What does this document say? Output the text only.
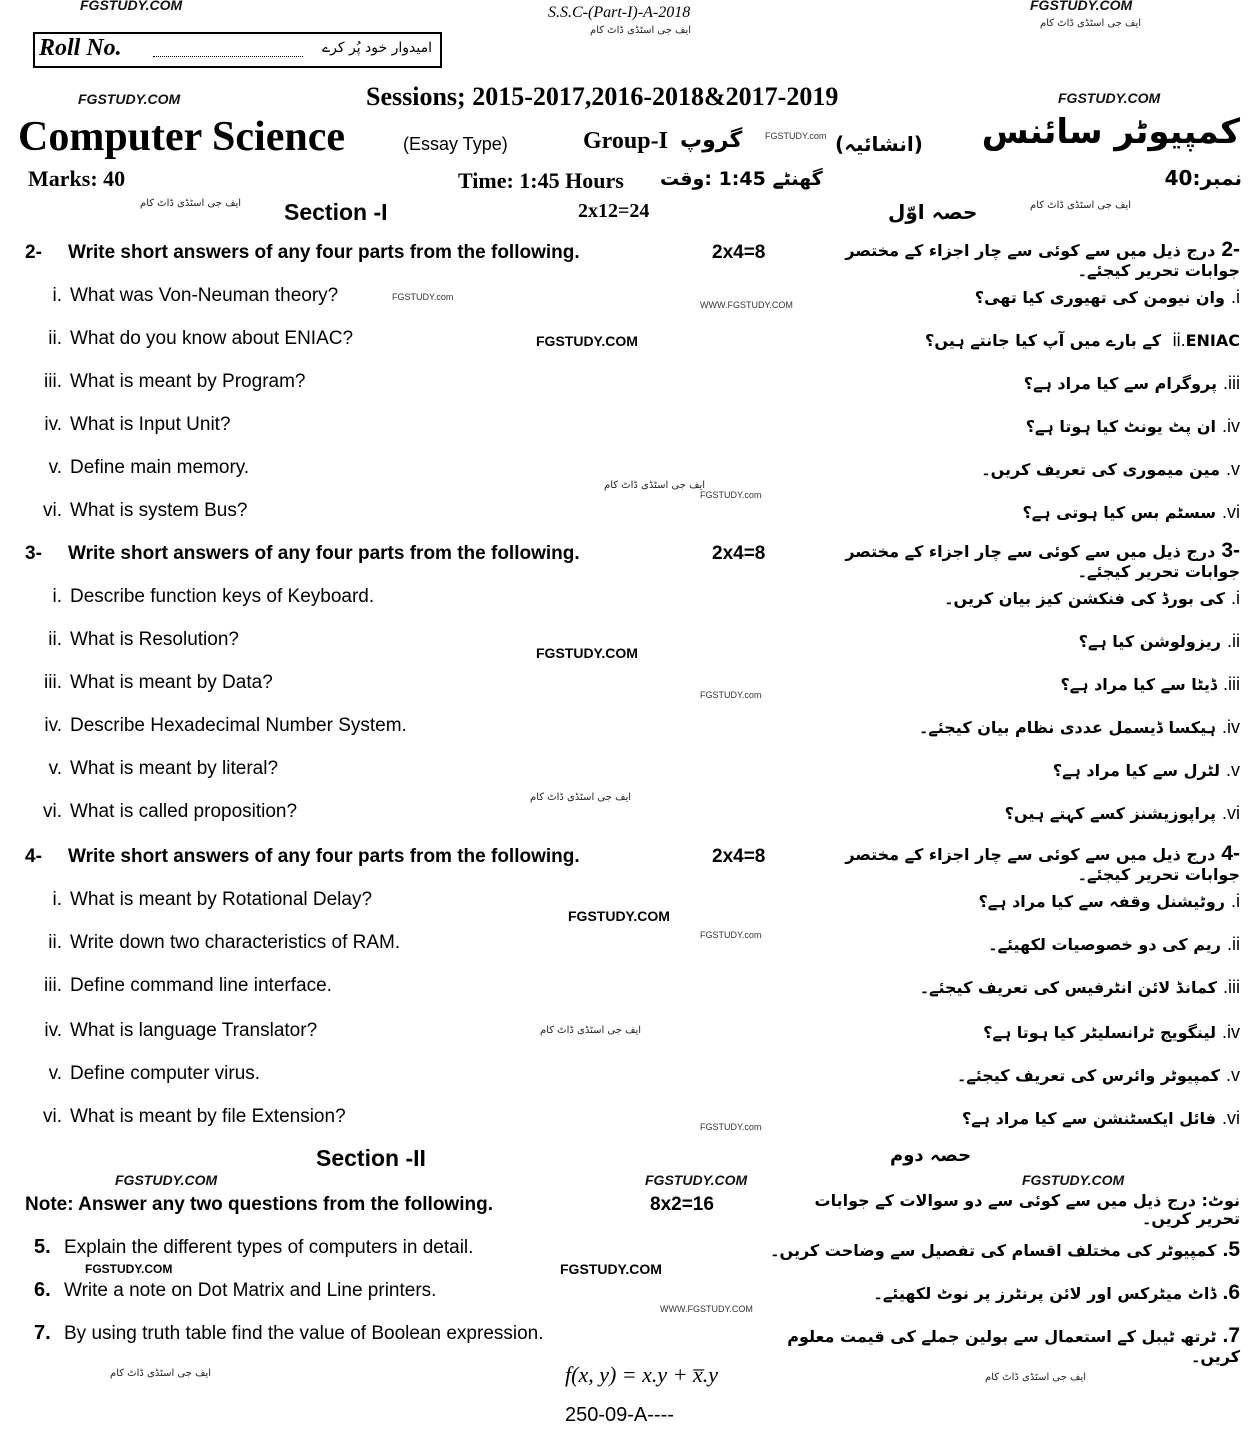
FGSTUDY.COM	FGSTUDY.COM
ایف جی اسٹڈی ڈاٹ کام
S.S.C-(Part-I)-A-2018
ایف جی اسٹڈی ڈاٹ کام
Roll No.	امیدوار خود پُر کرے
FGSTUDY.COM	Sessions; 2015-2017,2016-2018&2017-2019	FGSTUDY.COM
Computer Science	(Essay Type)	Group-I گروپ	FGSTUDY.com (انشائیہ) کمپیوٹر سائنس
Marks: 40	Time: 1:45 Hours گھنٹے 1:45 :وقت	نمبر:40
ایف جی اسٹڈی ڈاٹ کام	ایف جی اسٹڈی ڈاٹ کام
Section -I	2x12=24	حصہ اوّل
2- Write short answers of any four parts from the following.	2x4=8	-2درج ذیل میں سے کوئی سے چار اجزاء کے مختصر جوابات تحریر کیجئے۔
i. What was Von-Neuman theory?	i.وان نیومن کی تھیوری کیا تھی؟
ii. What do you know about ENIAC?	ii.ENIAC کے بارے میں آپ کیا جانتے ہیں؟
iii. What is meant by Program?	iii.پروگرام سے کیا مراد ہے؟
iv. What is Input Unit?	iv.ان پٹ یونٹ کیا ہوتا ہے؟
v. Define main memory.	v.مین میموری کی تعریف کریں۔
vi. What is system Bus?	vi.سسٹم بس کیا ہوتی ہے؟
3- Write short answers of any four parts from the following.	2x4=8	-3درج ذیل میں سے کوئی سے چار اجزاء کے مختصر جوابات تحریر کیجئے۔
i. Describe function keys of Keyboard.	i.کی بورڈ کی فنکشن کیز بیان کریں۔
ii. What is Resolution?	ii.ریزولوشن کیا ہے؟
iii. What is meant by Data?	iii.ڈیٹا سے کیا مراد ہے؟
iv. Describe Hexadecimal Number System.	iv.ہیکسا ڈیسمل عددی نظام بیان کیجئے۔
v. What is meant by literal?	v.لٹرل سے کیا مراد ہے؟
vi. What is called proposition?	vi.پراپوزیشنز کسے کہتے ہیں؟
4- Write short answers of any four parts from the following.	2x4=8	-4درج ذیل میں سے کوئی سے چار اجزاء کے مختصر جوابات تحریر کیجئے۔
i. What is meant by Rotational Delay?	i.روٹیشنل وقفہ سے کیا مراد ہے؟
ii. Write down two characteristics of RAM.	ii.ریم کی دو خصوصیات لکھیئے۔
iii. Define command line interface.	iii.کمانڈ لائن انٹرفیس کی تعریف کیجئے۔
iv. What is language Translator?	iv.لینگویج ٹرانسلیٹر کیا ہوتا ہے؟
v. Define computer virus.	v.کمپیوٹر وائرس کی تعریف کیجئے۔
vi. What is meant by file Extension?	vi.فائل ایکسٹنشن سے کیا مراد ہے؟
Section -II	حصہ دوم
Note: Answer any two questions from the following.	8x2=16	نوٹ: درج ذیل میں سے کوئی سے دو سوالات کے جوابات تحریر کریں۔
5. Explain the different types of computers in detail.	5.کمپیوٹر کی مختلف اقسام کی تفصیل سے وضاحت کریں۔
6. Write a note on Dot Matrix and Line printers.	6.ڈاٹ میٹرکس اور لائن پرنٹرز پر نوٹ لکھیئے۔
7. By using truth table find the value of Boolean expression.	7.ٹرتھ ٹیبل کے استعمال سے بولین جملے کی قیمت معلوم کریں۔
f(x, y) = x.y + x̅.y
250-09-A----
FGSTUDY.com
WWW.FGSTUDY.COM
FGSTUDY.COM
FGSTUDY.COM
FGSTUDY.COM
ایف جی اسٹڈی ڈاٹ کام
ایف جی اسٹڈی ڈاٹ کام
ایف جی اسٹڈی ڈاٹ کام
FGSTUDY.com
FGSTUDY.com
FGSTUDY.com
FGSTUDY.com
FGSTUDY.COM	FGSTUDY.COM	FGSTUDY.COM
FGSTUDY.COM	FGSTUDY.COM
WWW.FGSTUDY.COM
ایف جی اسٹڈی ڈاٹ کام	ایف جی اسٹڈی ڈاٹ کام
